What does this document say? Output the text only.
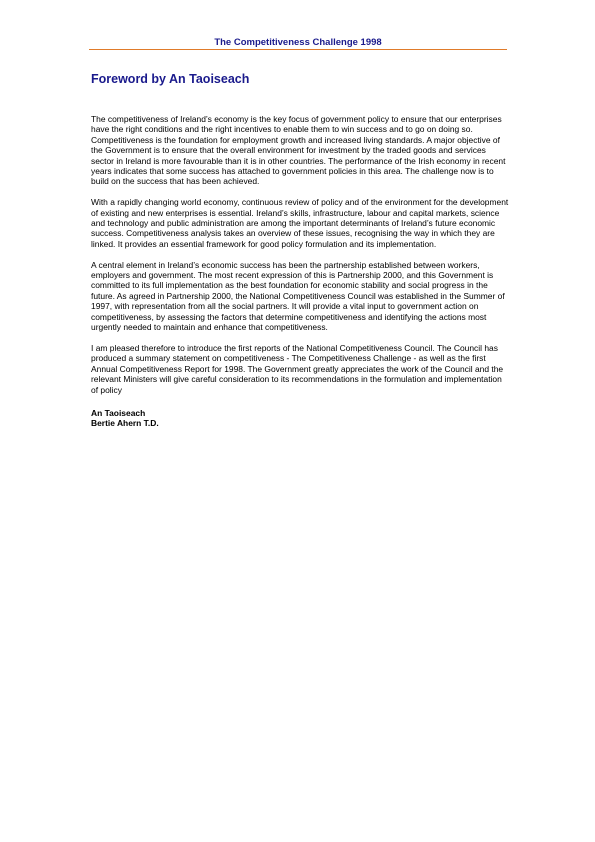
The Competitiveness Challenge 1998
Foreword by An Taoiseach

The competitiveness of Ireland’s economy is the key focus of government policy to ensure that our enterprises have the right conditions and the right incentives to enable them to win success and to go on doing so. Competitiveness is the foundation for employment growth and increased living standards. A major objective of the Government is to ensure that the overall environment for investment by the traded goods and services sector in Ireland is more favourable than it is in other countries. The performance of the Irish economy in recent years indicates that some success has attached to government policies in this area. The challenge now is to build on the success that has been achieved.

With a rapidly changing world economy, continuous review of policy and of the environment for the development of existing and new enterprises is essential. Ireland’s skills, infrastructure, labour and capital markets, science and technology and public administration are among the important determinants of Ireland’s future economic success. Competitiveness analysis takes an overview of these issues, recognising the way in which they are linked. It provides an essential framework for good policy formulation and its implementation.

A central element in Ireland’s economic success has been the partnership established between workers, employers and government. The most recent expression of this is Partnership 2000, and this Government is committed to its full implementation as the best foundation for economic stability and social progress in the future. As agreed in Partnership 2000, the National Competitiveness Council was established in the Summer of 1997, with representation from all the social partners. It will provide a vital input to government action on competitiveness, by assessing the factors that determine competitiveness and identifying the actions most urgently needed to maintain and enhance that competitiveness.

I am pleased therefore to introduce the first reports of the National Competitiveness Council. The Council has produced a summary statement on competitiveness - The Competitiveness Challenge - as well as the first Annual Competitiveness Report for 1998. The Government greatly appreciates the work of the Council and the relevant Ministers will give careful consideration to its recommendations in the formulation and implementation of policy

An Taoiseach
Bertie Ahern T.D.
